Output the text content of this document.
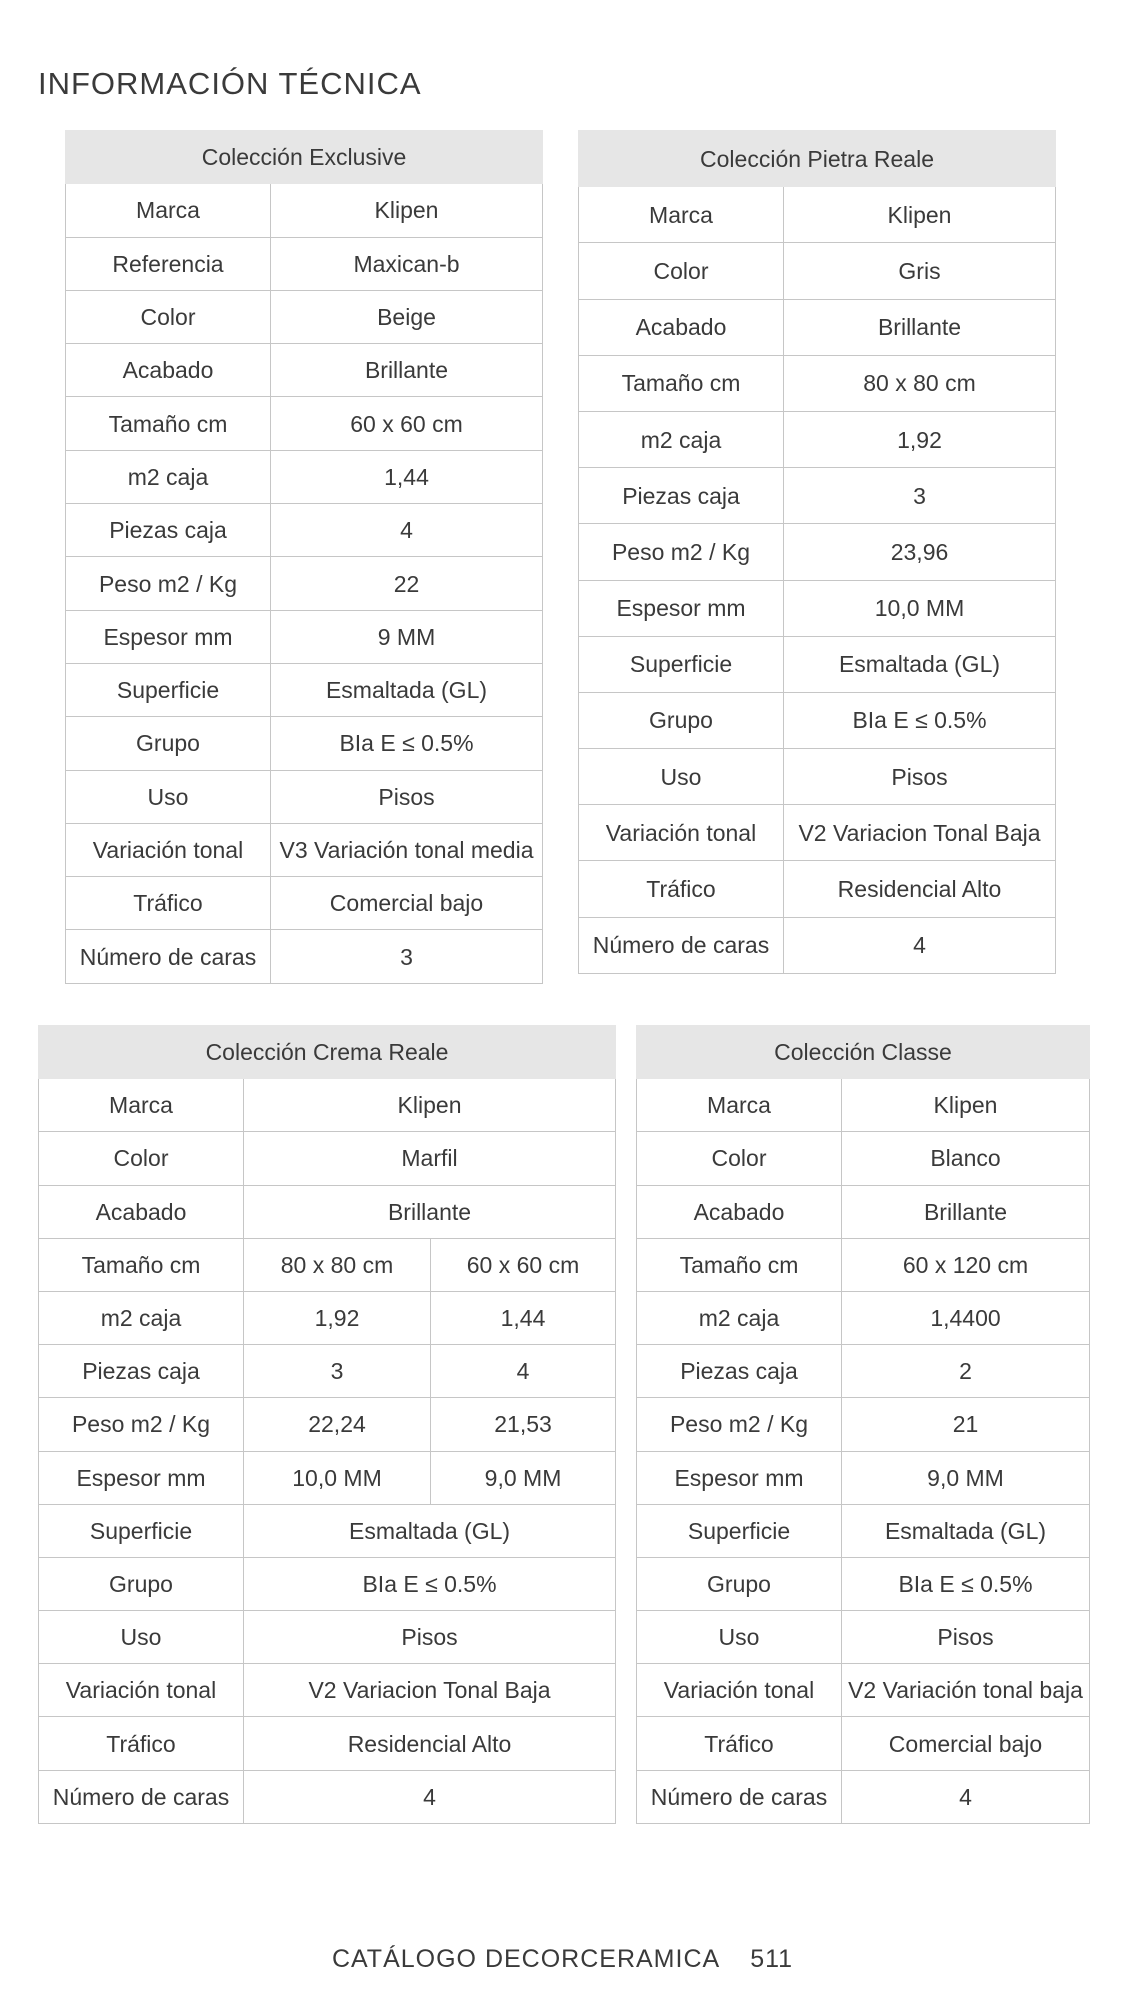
INFORMACIÓN TÉCNICA
Colección Exclusive	
Marca	Klipen
Referencia	Maxican-b
Color	Beige
Acabado	Brillante
Tamaño cm	60 x 60 cm
m2 caja	1,44
Piezas caja	4
Peso m2 / Kg	22
Espesor mm	9 MM
Superficie	Esmaltada (GL)
Grupo	BIa E ≤ 0.5%
Uso	Pisos
Variación tonal	V3 Variación tonal media
Tráfico	Comercial bajo
Número de caras	3
Colección Pietra Reale	
Marca	Klipen
Color	Gris
Acabado	Brillante
Tamaño cm	80 x 80 cm
m2 caja	1,92
Piezas caja	3
Peso m2 / Kg	23,96
Espesor mm	10,0 MM
Superficie	Esmaltada (GL)
Grupo	BIa E ≤ 0.5%
Uso	Pisos
Variación tonal	V2 Variacion Tonal Baja
Tráfico	Residencial Alto
Número de caras	4
Colección Crema Reale		
Marca	Klipen	
Color	Marfil	
Acabado	Brillante	
Tamaño cm	80 x 80 cm	60 x 60 cm
m2 caja	1,92	1,44
Piezas caja	3	4
Peso m2 / Kg	22,24	21,53
Espesor mm	10,0 MM	9,0 MM
Superficie	Esmaltada (GL)	
Grupo	BIa E ≤ 0.5%	
Uso	Pisos	
Variación tonal	V2 Variacion Tonal Baja	
Tráfico	Residencial Alto	
Número de caras	4	
Colección Classe	
Marca	Klipen
Color	Blanco
Acabado	Brillante
Tamaño cm	60 x 120 cm
m2 caja	1,4400
Piezas caja	2
Peso m2 / Kg	21
Espesor mm	9,0 MM
Superficie	Esmaltada (GL)
Grupo	BIa E ≤ 0.5%
Uso	Pisos
Variación tonal	V2 Variación tonal baja
Tráfico	Comercial bajo
Número de caras	4
CATÁLOGO DECORCERAMICA 511
